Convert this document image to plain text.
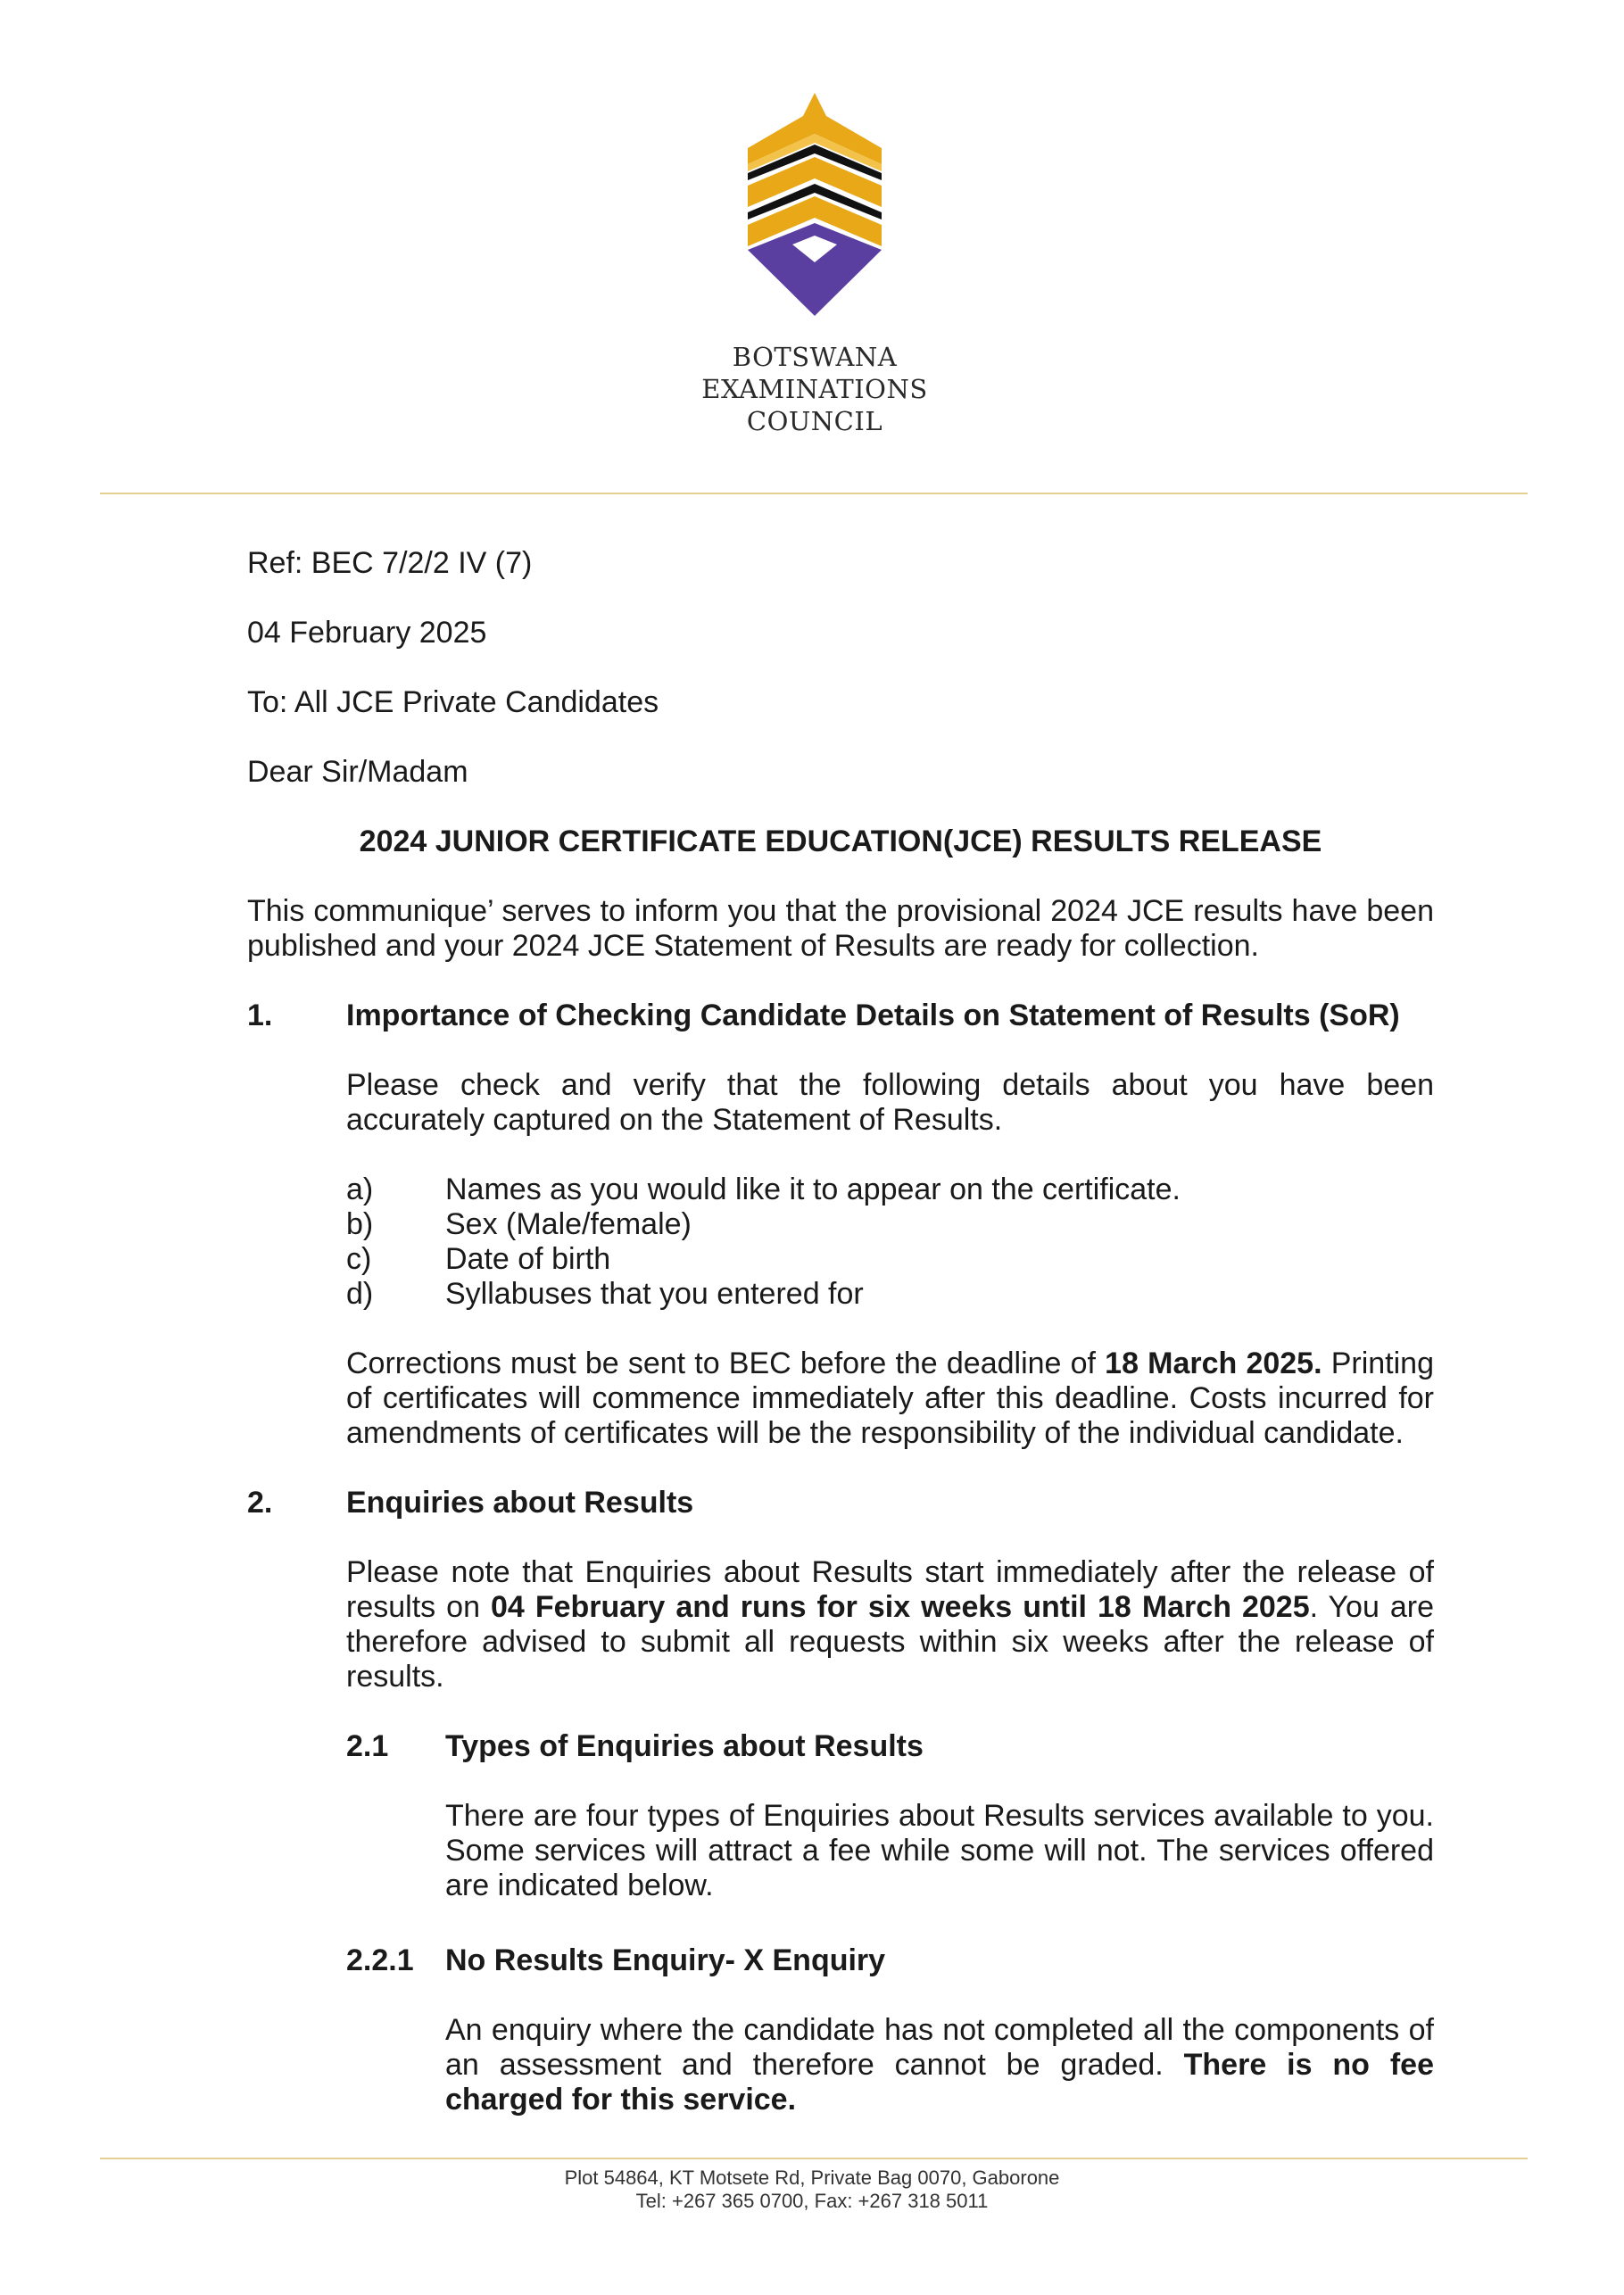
BOTSWANA
EXAMINATIONS
COUNCIL
Ref: BEC 7/2/2 IV (7)
04 February 2025
To: All JCE Private Candidates
Dear Sir/Madam
2024 JUNIOR CERTIFICATE EDUCATION(JCE) RESULTS RELEASE
This communique’ serves to inform you that the provisional 2024 JCE results have been published and your 2024 JCE Statement of Results are ready for collection.
1. Importance of Checking Candidate Details on Statement of Results (SoR)
Please check and verify that the following details about you have been accurately captured on the Statement of Results.
a)	Names as you would like it to appear on the certificate.
b)	Sex (Male/female)
c)	Date of birth
d)	Syllabuses that you entered for
Corrections must be sent to BEC before the deadline of 18 March 2025. Printing of certificates will commence immediately after this deadline. Costs incurred for amendments of certificates will be the responsibility of the individual candidate.
2. Enquiries about Results
Please note that Enquiries about Results start immediately after the release of results on 04 February and runs for six weeks until 18 March 2025. You are therefore advised to submit all requests within six weeks after the release of results.
2.1 Types of Enquiries about Results
There are four types of Enquiries about Results services available to you. Some services will attract a fee while some will not. The services offered are indicated below.
2.2.1 No Results Enquiry- X Enquiry
An enquiry where the candidate has not completed all the components of an assessment and therefore cannot be graded. There is no fee charged for this service.
Plot 54864, KT Motsete Rd, Private Bag 0070, Gaborone
Tel: +267 365 0700, Fax: +267 318 5011
